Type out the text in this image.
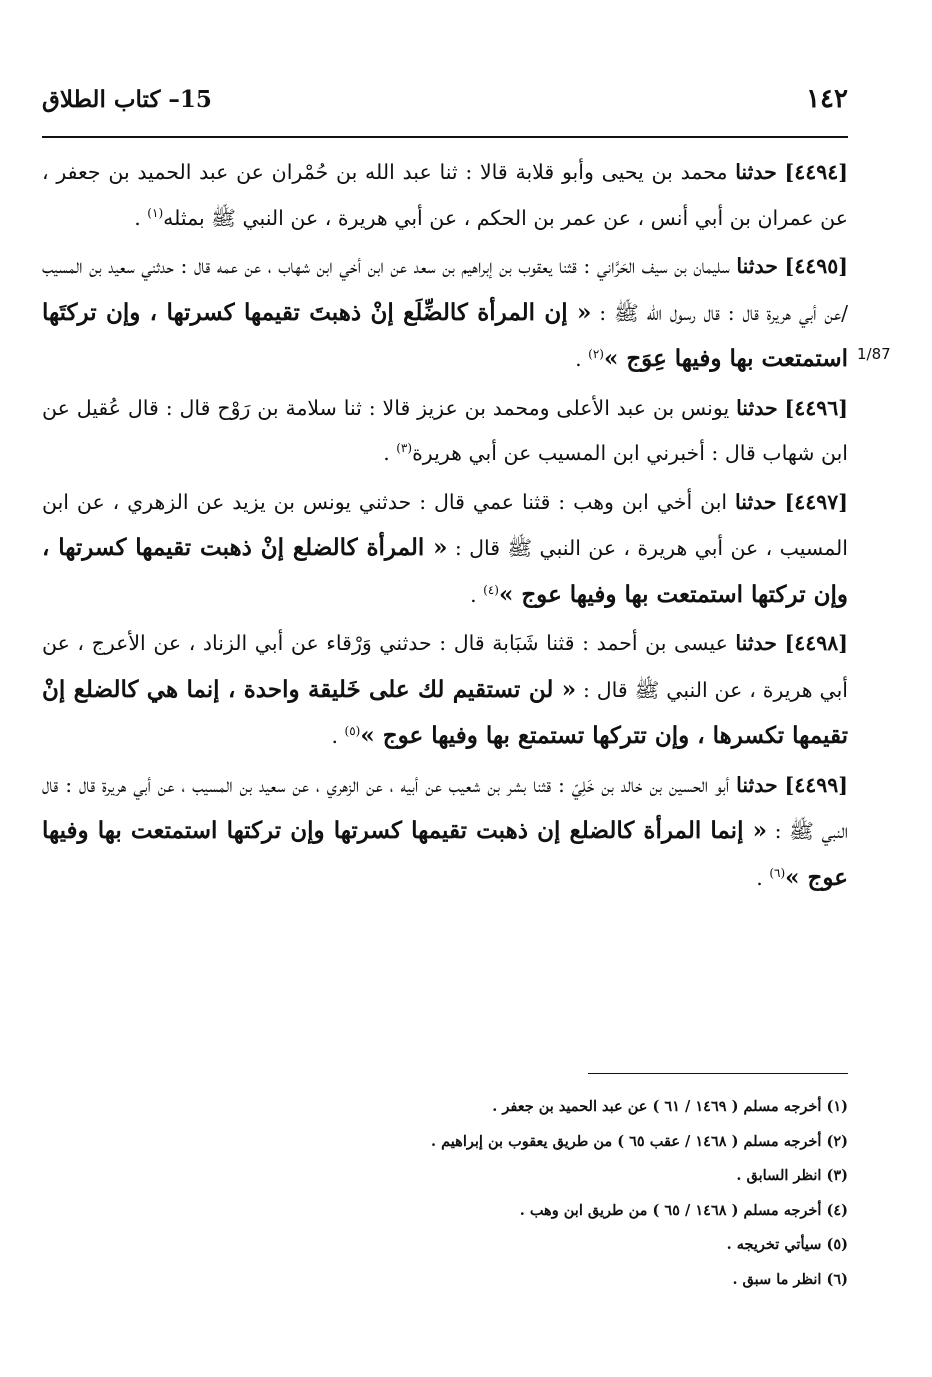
١٤٢
15– كتاب الطلاق
1/87

[٤٤٩٤] حدثنا محمد بن يحيى وأبو قلابة قالا : ثنا عبد الله بن حُمْران عن عبد الحميد بن جعفر ، عن عمران بن أبي أنس ، عن عمر بن الحكم ، عن أبي هريرة ، عن النبي ﷺ بمثله$^{(١)}$ .

[٤٤٩٥] حدثنا سليمان بن سيف الحَرَّاني : قثنا يعقوب بن إبراهيم بن سعد عن ابن أخي ابن شهاب ، عن عمه قال : حدثني سعيد بن المسيب /عن أبي هريرة قال : قال رسول الله ﷺ : « إن المرأة كالضِّلَع إنْ ذهبتَ تقيمها كسرتها ، وإن تركتَها استمتعت بها وفيها عِوَج »$^{(٢)}$ .

[٤٤٩٦] حدثنا يونس بن عبد الأعلى ومحمد بن عزيز قالا : ثنا سلامة بن رَوْح قال : قال عُقيل عن ابن شهاب قال : أخبرني ابن المسيب عن أبي هريرة$^{(٣)}$ .

[٤٤٩٧] حدثنا ابن أخي ابن وهب : قثنا عمي قال : حدثني يونس بن يزيد عن الزهري ، عن ابن المسيب ، عن أبي هريرة ، عن النبي ﷺ قال : « المرأة كالضلع إنْ ذهبت تقيمها كسرتها ، وإن تركتها استمتعت بها وفيها عوج »$^{(٤)}$ .

[٤٤٩٨] حدثنا عيسى بن أحمد : قثنا شَبَابة قال : حدثني وَرْقاء عن أبي الزناد ، عن الأعرج ، عن أبي هريرة ، عن النبي ﷺ قال : « لن تستقيم لك على خَليقة واحدة ، إنما هي كالضلع إنْ تقيمها تكسرها ، وإن تتركها تستمتع بها وفيها عوج »$^{(٥)}$ .

[٤٤٩٩] حدثنا أبو الحسين بن خالد بن خَلِيّ : قثنا بشر بن شعيب عن أبيه ، عن الزهري ، عن سعيد بن المسيب ، عن أبي هريرة قال : قال النبي ﷺ : « إنما المرأة كالضلع إن ذهبت تقيمها كسرتها وإن تركتها استمتعت بها وفيها عوج »$^{(٦)}$ .

(١) أخرجه مسلم ( ١٤٦٩ / ٦١ ) عن عبد الحميد بن جعفر .
(٢) أخرجه مسلم ( ١٤٦٨ / عقب ٦٥ ) من طريق يعقوب بن إبراهيم .
(٣) انظر السابق .
(٤) أخرجه مسلم ( ١٤٦٨ / ٦٥ ) من طريق ابن وهب .
(٥) سيأتي تخريجه .
(٦) انظر ما سبق .
